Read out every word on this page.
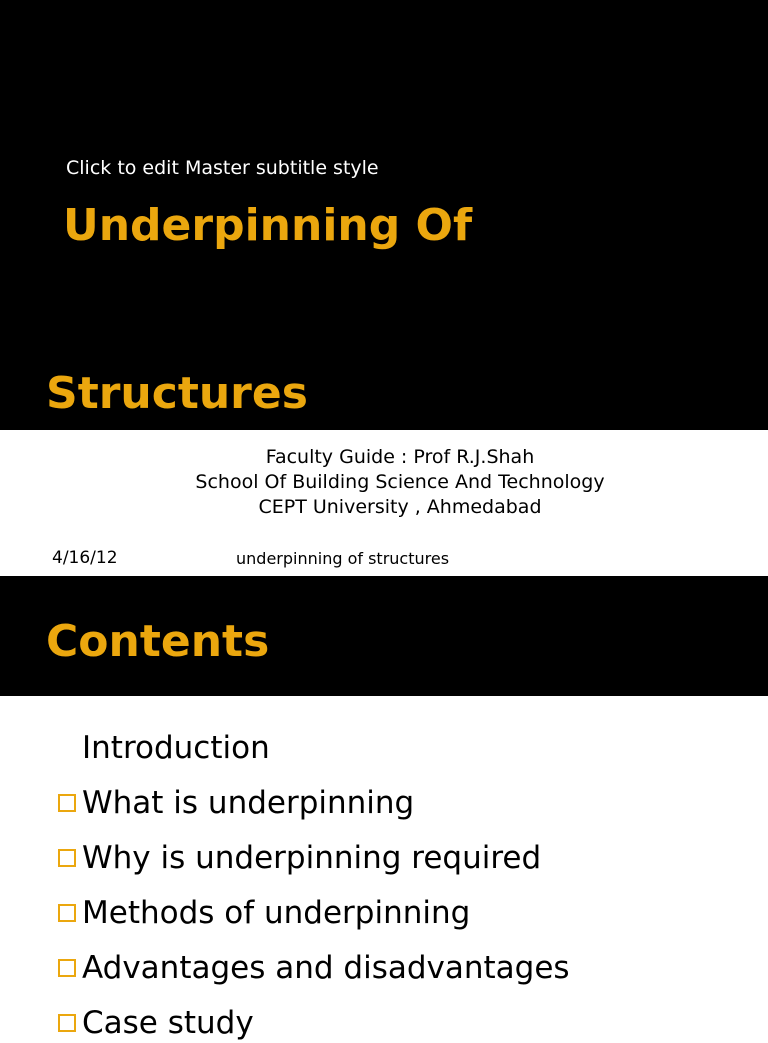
Click to edit Master subtitle style

Underpinning Of

Structures

Faculty Guide : Prof R.J.Shah
School Of Building Science And Technology
CEPT University , Ahmedabad
4/16/12	underpinning of structures
Contents
Introduction
What is underpinning
Why is underpinning required
Methods of underpinning
Advantages and disadvantages
Case study
